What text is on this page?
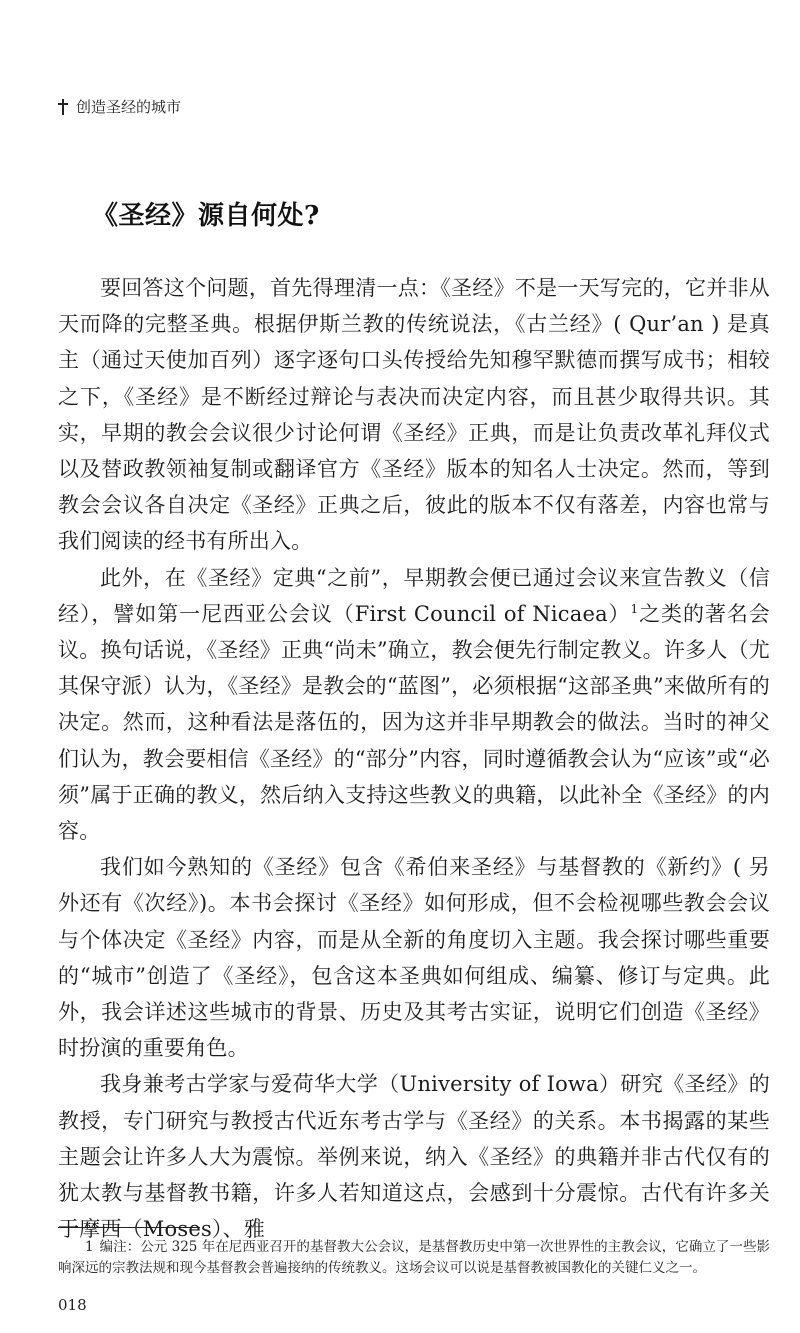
创造圣经的城市
《圣经》源自何处?

要回答这个问题，首先得理清一点：《圣经》不是一天写完的，它并非从天而降的完整圣典。根据伊斯兰教的传统说法，《古兰经》( Qur’an ) 是真主（通过天使加百列）逐字逐句口头传授给先知穆罕默德而撰写成书；相较之下，《圣经》是不断经过辩论与表决而决定内容，而且甚少取得共识。其实，早期的教会会议很少讨论何谓《圣经》正典，而是让负责改革礼拜仪式以及替政教领袖复制或翻译官方《圣经》版本的知名人士决定。然而，等到教会会议各自决定《圣经》正典之后，彼此的版本不仅有落差，内容也常与我们阅读的经书有所出入。

此外，在《圣经》定典“之前”，早期教会便已通过会议来宣告教义（信经），譬如第一尼西亚公会议（First Council of Nicaea）$^1$之类的著名会议。换句话说，《圣经》正典“尚未”确立，教会便先行制定教义。许多人（尤其保守派）认为，《圣经》是教会的“蓝图”，必须根据“这部圣典”来做所有的决定。然而，这种看法是落伍的，因为这并非早期教会的做法。当时的神父们认为，教会要相信《圣经》的“部分”内容，同时遵循教会认为“应该”或“必须”属于正确的教义，然后纳入支持这些教义的典籍，以此补全《圣经》的内容。

我们如今熟知的《圣经》包含《希伯来圣经》与基督教的《新约》( 另外还有《次经》)。本书会探讨《圣经》如何形成，但不会检视哪些教会会议与个体决定《圣经》内容，而是从全新的角度切入主题。我会探讨哪些重要的“城市”创造了《圣经》，包含这本圣典如何组成、编纂、修订与定典。此外，我会详述这些城市的背景、历史及其考古实证，说明它们创造《圣经》时扮演的重要角色。

我身兼考古学家与爱荷华大学（University of Iowa）研究《圣经》的教授，专门研究与教授古代近东考古学与《圣经》的关系。本书揭露的某些主题会让许多人大为震惊。举例来说，纳入《圣经》的典籍并非古代仅有的犹太教与基督教书籍，许多人若知道这点，会感到十分震惊。古代有许多关于摩西（Moses）、雅

1 编注：公元 325 年在尼西亚召开的基督教大公会议，是基督教历史中第一次世界性的主教会议，它确立了一些影响深远的宗教法规和现今基督教会普遍接纳的传统教义。这场会议可以说是基督教被国教化的关键仁义之一。

018
